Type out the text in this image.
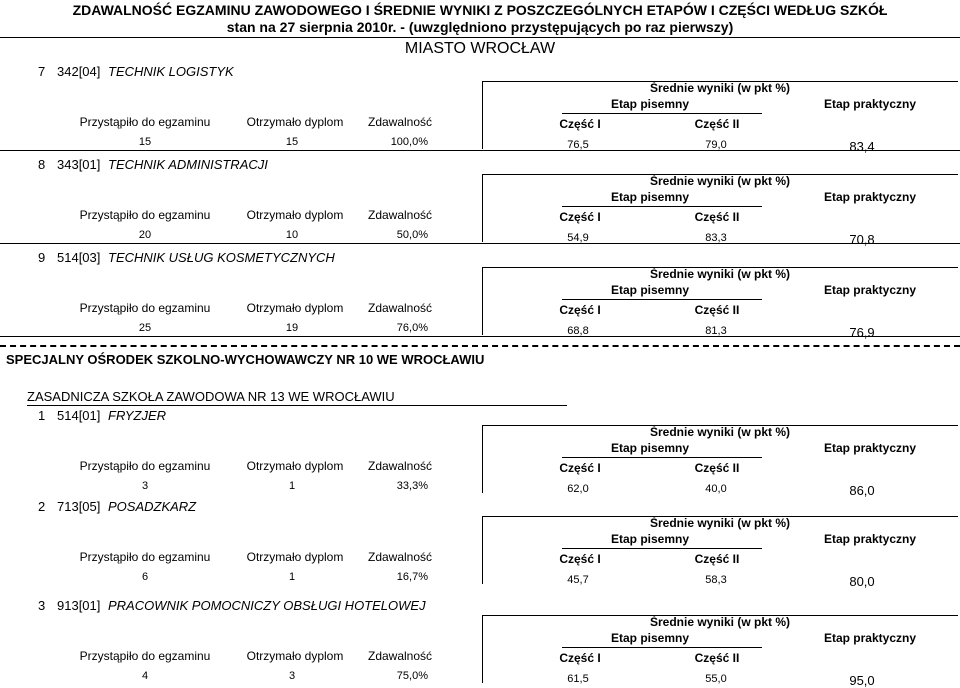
ZDAWALNOŚĆ EGZAMINU ZAWODOWEGO I ŚREDNIE WYNIKI Z POSZCZEGÓLNYCH ETAPÓW I CZĘŚCI WEDŁUG SZKÓŁ
stan na 27 sierpnia 2010r. - (uwzględniono przystępujących po raz pierwszy)
MIASTO WROCŁAW
7 342[04] TECHNIK LOGISTYK
Średnie wyniki (w pkt %)
Etap pisemny	Etap praktyczny
Część I	Część II
Przystąpiło do egzaminu	Otrzymało dyplom	Zdawalność
15	15	100,0%	76,5	79,0	83,4
8 343[01] TECHNIK ADMINISTRACJI
Średnie wyniki (w pkt %)
Etap pisemny	Etap praktyczny
Część I	Część II
Przystąpiło do egzaminu	Otrzymało dyplom	Zdawalność
20	10	50,0%	54,9	83,3	70,8
9 514[03] TECHNIK USŁUG KOSMETYCZNYCH
Średnie wyniki (w pkt %)
Etap pisemny	Etap praktyczny
Część I	Część II
Przystąpiło do egzaminu	Otrzymało dyplom	Zdawalność
25	19	76,0%	68,8	81,3	76,9
1 514[01] FRYZJER
Średnie wyniki (w pkt %)
Etap pisemny	Etap praktyczny
Część I	Część II
Przystąpiło do egzaminu	Otrzymało dyplom	Zdawalność
3	1	33,3%	62,0	40,0	86,0
2 713[05] POSADZKARZ
Średnie wyniki (w pkt %)
Etap pisemny	Etap praktyczny
Część I	Część II
Przystąpiło do egzaminu	Otrzymało dyplom	Zdawalność
6	1	16,7%	45,7	58,3	80,0
3 913[01] PRACOWNIK POMOCNICZY OBSŁUGI HOTELOWEJ
Średnie wyniki (w pkt %)
Etap pisemny	Etap praktyczny
Część I	Część II
Przystąpiło do egzaminu	Otrzymało dyplom	Zdawalność
4	3	75,0%	61,5	55,0	95,0
SPECJALNY OŚRODEK SZKOLNO-WYCHOWAWCZY NR 10 WE WROCŁAWIU
ZASADNICZA SZKOŁA ZAWODOWA NR 13 WE WROCŁAWIU
